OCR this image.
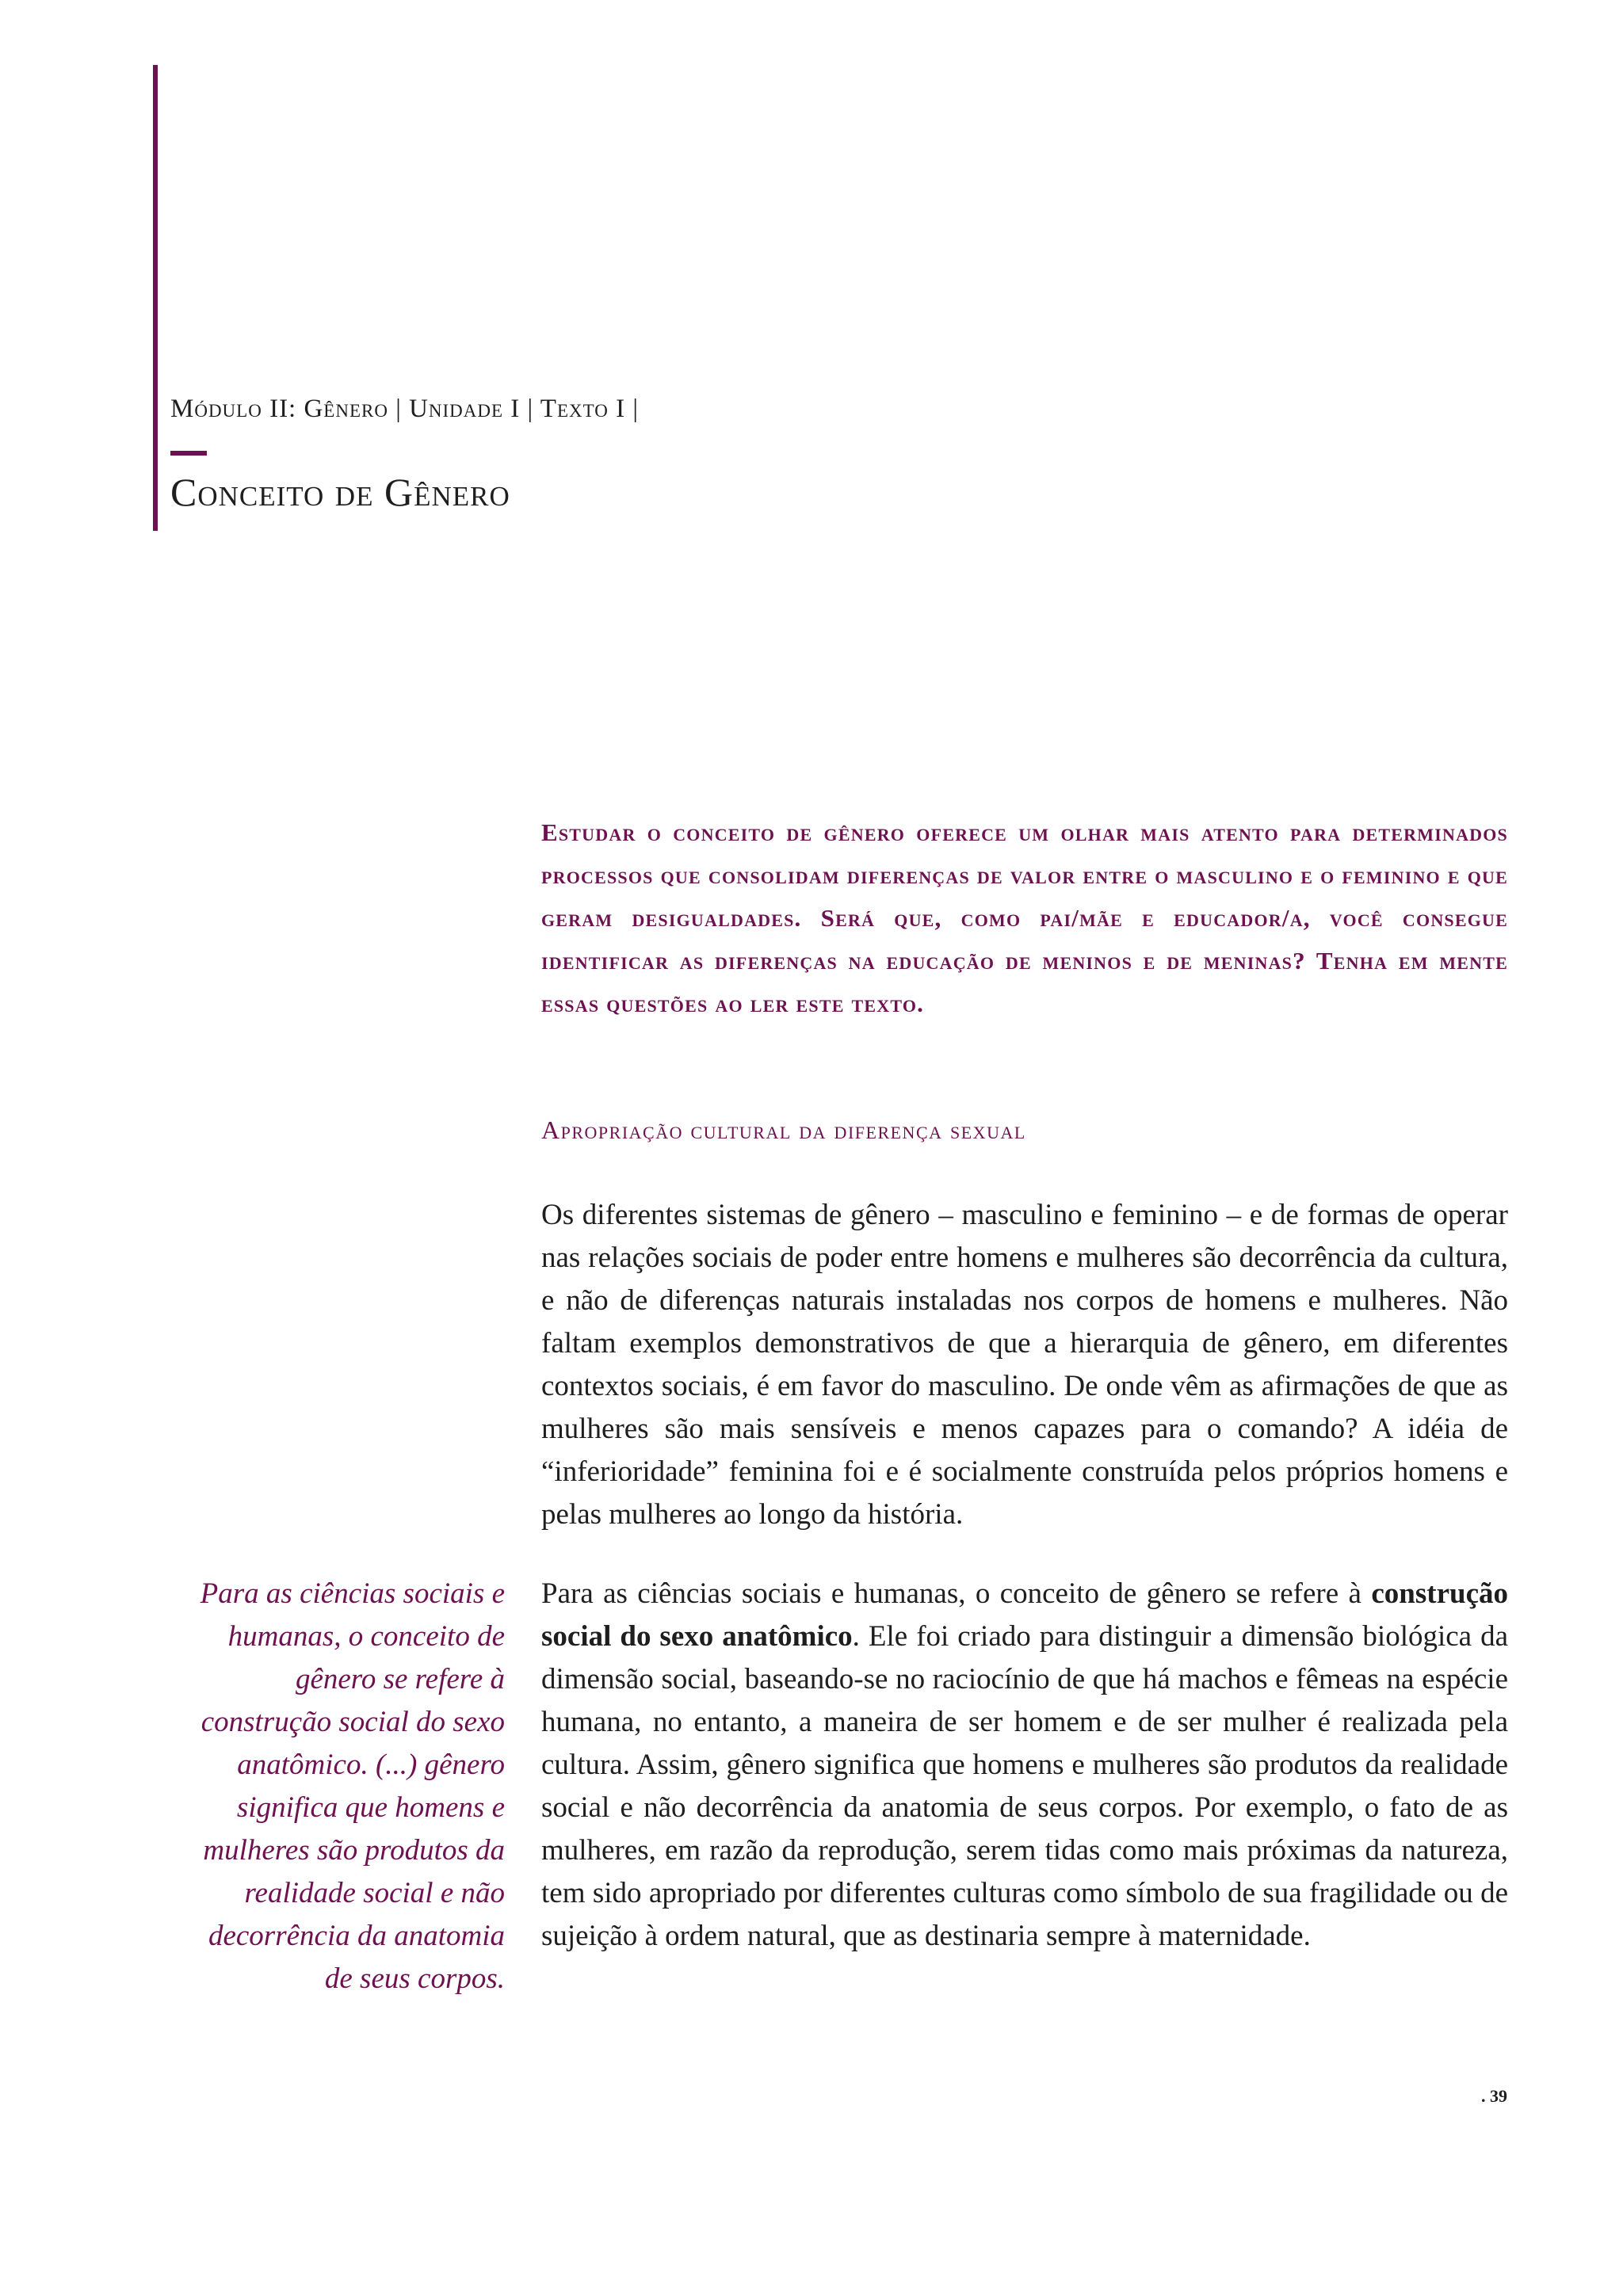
Módulo II: Gênero | Unidade I | Texto I |
Conceito de Gênero

Estudar o conceito de gênero oferece um olhar mais atento para determinados processos que consolidam diferenças de valor entre o masculino e o feminino e que geram desigualdades. Será que, como pai/mãe e educador/a, você consegue identificar as diferenças na educação de meninos e de meninas? Tenha em mente essas questões ao ler este texto.

Apropriação cultural da diferença sexual

Os diferentes sistemas de gênero – masculino e feminino – e de formas de operar nas relações sociais de poder entre homens e mulheres são decorrência da cultura, e não de diferenças naturais instaladas nos corpos de homens e mulheres. Não faltam exemplos demonstrativos de que a hierarquia de gênero, em diferentes contextos sociais, é em favor do masculino. De onde vêm as afirmações de que as mulheres são mais sensíveis e menos capazes para o comando? A idéia de “inferioridade” feminina foi e é socialmente construída pelos próprios homens e pelas mulheres ao longo da história.

Para as ciências sociais e humanas, o conceito de gênero se refere à construção social do sexo anatômico. (...) gênero significa que homens e mulheres são produtos da realidade social e não decorrência da anatomia de seus corpos.

Para as ciências sociais e humanas, o conceito de gênero se refere à construção social do sexo anatômico. Ele foi criado para distinguir a dimensão biológica da dimensão social, baseando-se no raciocínio de que há machos e fêmeas na espécie humana, no entanto, a maneira de ser homem e de ser mulher é realizada pela cultura. Assim, gênero significa que homens e mulheres são produtos da realidade social e não decorrência da anatomia de seus corpos. Por exemplo, o fato de as mulheres, em razão da reprodução, serem tidas como mais próximas da natureza, tem sido apropriado por diferentes culturas como símbolo de sua fragilidade ou de sujeição à ordem natural, que as destinaria sempre à maternidade.

. 39
